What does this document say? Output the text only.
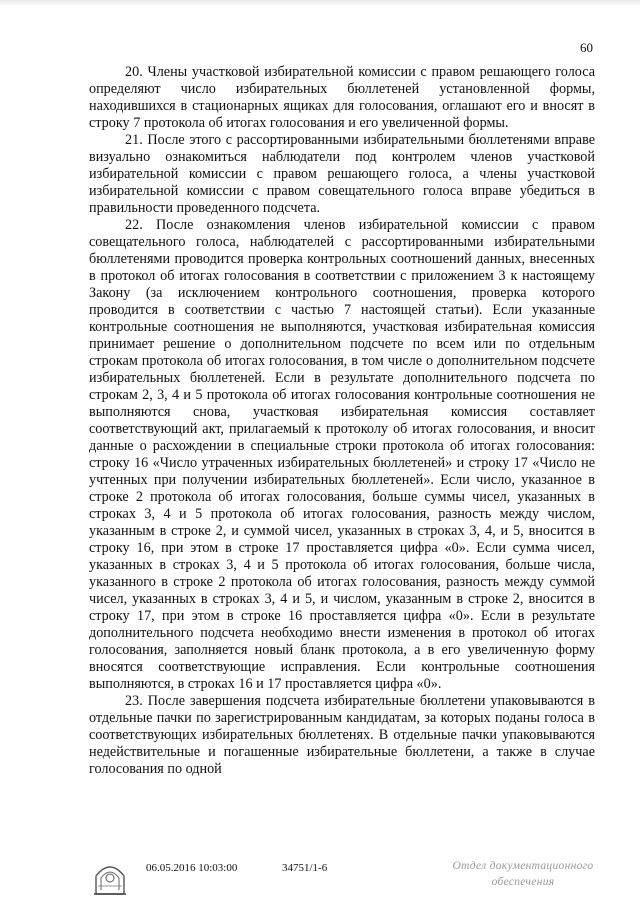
60

20. Члены участковой избирательной комиссии с правом решающего голоса определяют число избирательных бюллетеней установленной формы, находившихся в стационарных ящиках для голосования, оглашают его и вносят в строку 7 протокола об итогах голосования и его увеличенной формы.

21. После этого с рассортированными избирательными бюллетенями вправе визуально ознакомиться наблюдатели под контролем членов участковой избирательной комиссии с правом решающего голоса, а члены участковой избирательной комиссии с правом совещательного голоса вправе убедиться в правильности проведенного подсчета.

22. После ознакомления членов избирательной комиссии с правом совещательного голоса, наблюдателей с рассортированными избирательными бюллетенями проводится проверка контрольных соотношений данных, внесенных в протокол об итогах голосования в соответствии с приложением 3 к настоящему Закону (за исключением контрольного соотношения, проверка которого проводится в соответствии с частью 7 настоящей статьи). Если указанные контрольные соотношения не выполняются, участковая избирательная комиссия принимает решение о дополнительном подсчете по всем или по отдельным строкам протокола об итогах голосования, в том числе о дополнительном подсчете избирательных бюллетеней. Если в результате дополнительного подсчета по строкам 2, 3, 4 и 5 протокола об итогах голосования контрольные соотношения не выполняются снова, участковая избирательная комиссия составляет соответствующий акт, прилагаемый к протоколу об итогах голосования, и вносит данные о расхождении в специальные строки протокола об итогах голосования: строку 16 «Число утраченных избирательных бюллетеней» и строку 17 «Число не учтенных при получении избирательных бюллетеней». Если число, указанное в строке 2 протокола об итогах голосования, больше суммы чисел, указанных в строках 3, 4 и 5 протокола об итогах голосования, разность между числом, указанным в строке 2, и суммой чисел, указанных в строках 3, 4, и 5, вносится в строку 16, при этом в строке 17 проставляется цифра «0». Если сумма чисел, указанных в строках 3, 4 и 5 протокола об итогах голосования, больше числа, указанного в строке 2 протокола об итогах голосования, разность между суммой чисел, указанных в строках 3, 4 и 5, и числом, указанным в строке 2, вносится в строку 17, при этом в строке 16 проставляется цифра «0». Если в результате дополнительного подсчета необходимо внести изменения в протокол об итогах голосования, заполняется новый бланк протокола, а в его увеличенную форму вносятся соответствующие исправления. Если контрольные соотношения выполняются, в строках 16 и 17 проставляется цифра «0».

23. После завершения подсчета избирательные бюллетени упаковываются в отдельные пачки по зарегистрированным кандидатам, за которых поданы голоса в соответствующих избирательных бюллетенях. В отдельные пачки упаковываются недействительные и погашенные избирательные бюллетени, а также в случае голосования по одной

06.05.2016 10:03:00	34751/1-6	Отдел документационного
обеспечения
